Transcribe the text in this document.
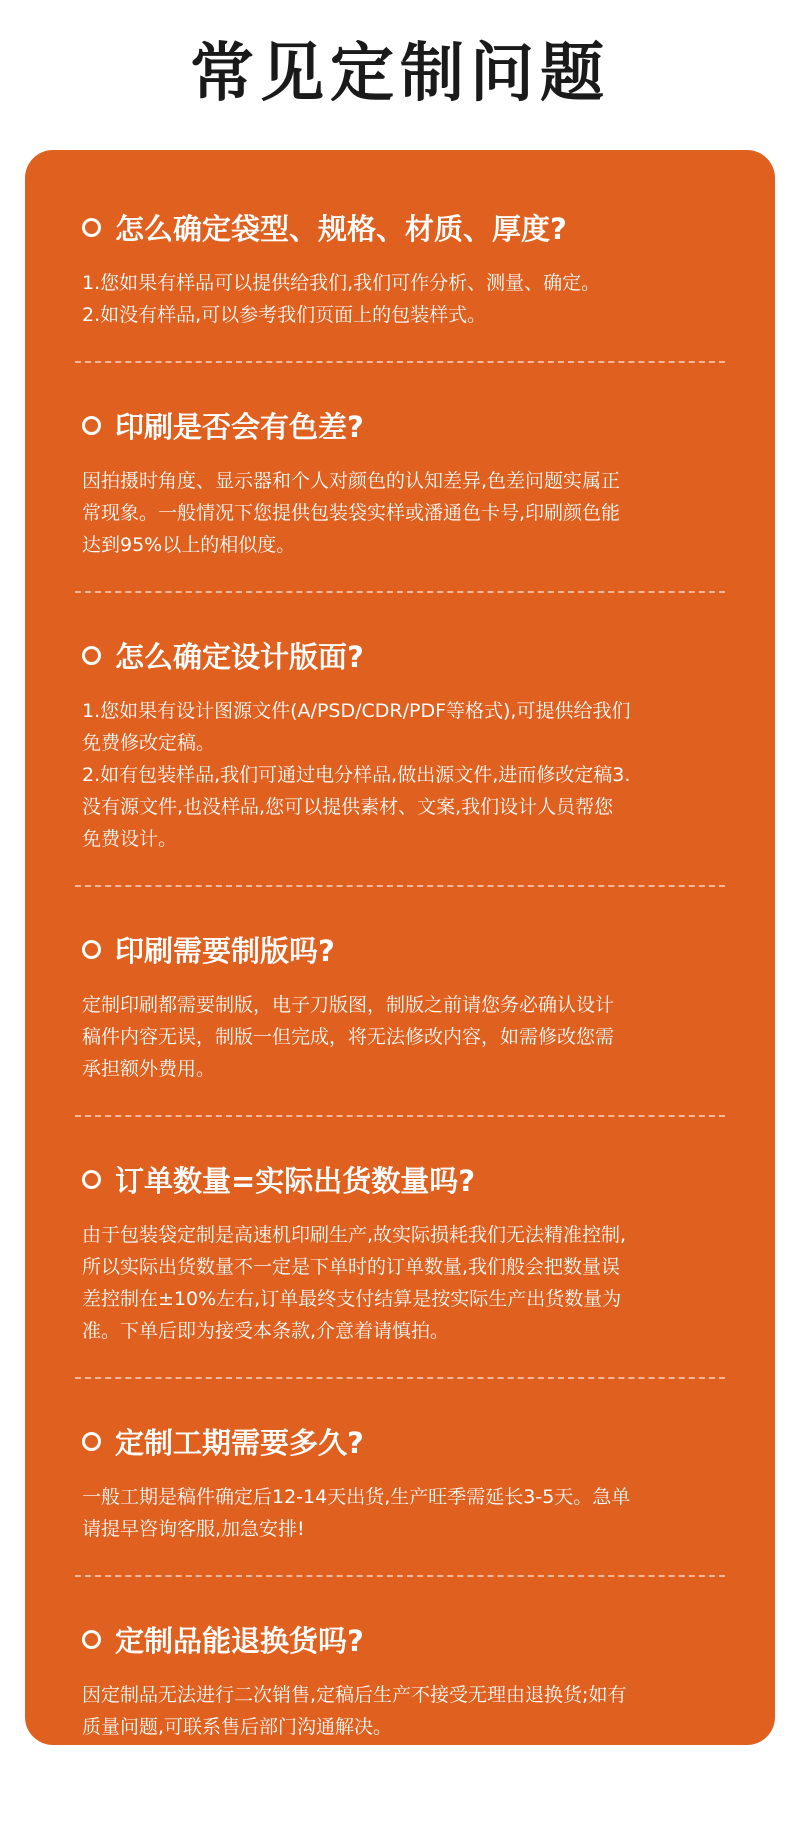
常见定制问题
怎么确定袋型、规格、材质、厚度?

1.您如果有样品可以提供给我们,我们可作分析、测量、确定。
2.如没有样品,可以参考我们页面上的包装样式。

印刷是否会有色差?

因拍摄时角度、显示器和个人对颜色的认知差异,色差问题实属正
常现象。一般情况下您提供包装袋实样或潘通色卡号,印刷颜色能
达到95%以上的相似度。

怎么确定设计版面?

1.您如果有设计图源文件(A/PSD/CDR/PDF等格式),可提供给我们
免费修改定稿。
2.如有包装样品,我们可通过电分样品,做出源文件,进而修改定稿3.
没有源文件,也没样品,您可以提供素材、文案,我们设计人员帮您
免费设计。

印刷需要制版吗?

定制印刷都需要制版，电子刀版图，制版之前请您务必确认设计
稿件内容无误，制版一但完成，将无法修改内容，如需修改您需
承担额外费用。

订单数量=实际出货数量吗?

由于包装袋定制是高速机印刷生产,故实际损耗我们无法精准控制,
所以实际出货数量不一定是下单时的订单数量,我们般会把数量误
差控制在±10%左右,订单最终支付结算是按实际生产出货数量为
准。下单后即为接受本条款,介意着请慎拍。

定制工期需要多久?

一般工期是稿件确定后12-14天出货,生产旺季需延长3-5天。急单
请提早咨询客服,加急安排!

定制品能退换货吗?

因定制品无法进行二次销售,定稿后生产不接受无理由退换货;如有
质量问题,可联系售后部门沟通解决。
